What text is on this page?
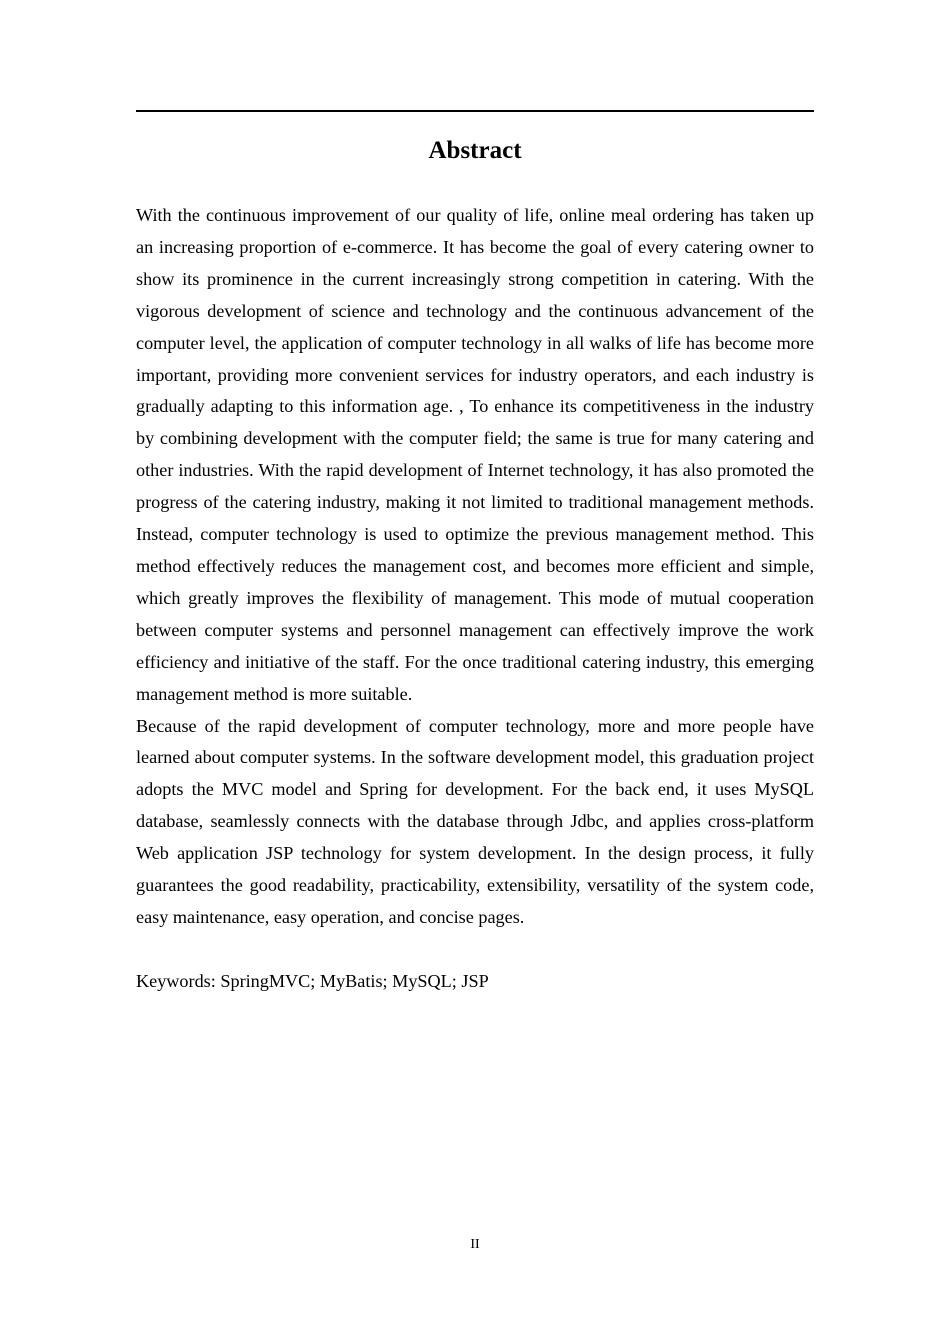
Abstract

With the continuous improvement of our quality of life, online meal ordering has taken up an increasing proportion of e-commerce. It has become the goal of every catering owner to show its prominence in the current increasingly strong competition in catering. With the vigorous development of science and technology and the continuous advancement of the computer level, the application of computer technology in all walks of life has become more important, providing more convenient services for industry operators, and each industry is gradually adapting to this information age. , To enhance its competitiveness in the industry by combining development with the computer field; the same is true for many catering and other industries. With the rapid development of Internet technology, it has also promoted the progress of the catering industry, making it not limited to traditional management methods. Instead, computer technology is used to optimize the previous management method. This method effectively reduces the management cost, and becomes more efficient and simple, which greatly improves the flexibility of management. This mode of mutual cooperation between computer systems and personnel management can effectively improve the work efficiency and initiative of the staff. For the once traditional catering industry, this emerging management method is more suitable.

Because of the rapid development of computer technology, more and more people have learned about computer systems. In the software development model, this graduation project adopts the MVC model and Spring for development. For the back end, it uses MySQL database, seamlessly connects with the database through Jdbc, and applies cross-platform Web application JSP technology for system development. In the design process, it fully guarantees the good readability, practicability, extensibility, versatility of the system code, easy maintenance, easy operation, and concise pages.

Keywords: SpringMVC; MyBatis; MySQL; JSP

II
